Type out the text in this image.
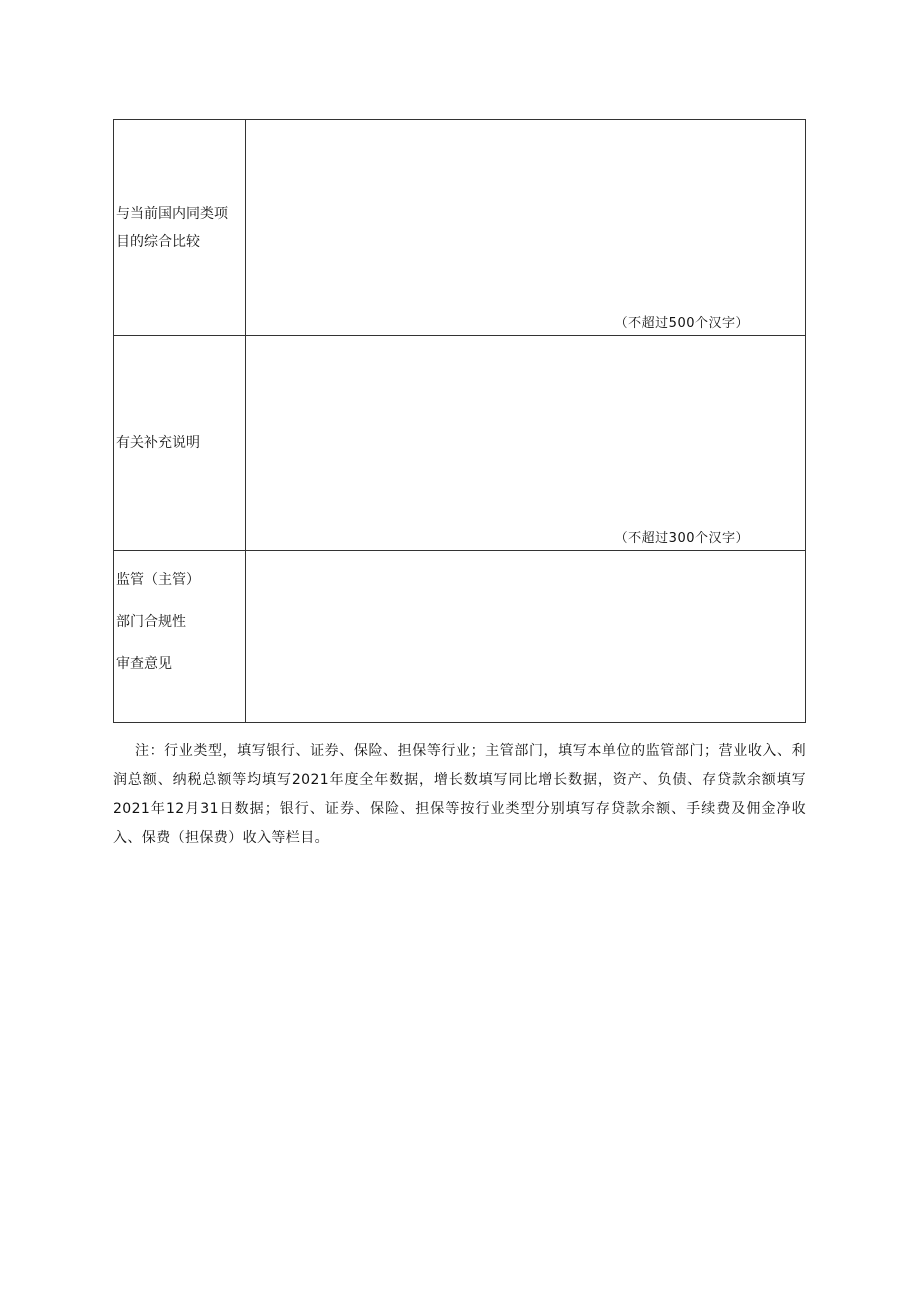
与当前国内同类项
目的综合比较	（不超过500个汉字）

有关补充说明	（不超过300个汉字）

监管（主管）
部门合规性
审查意见	

注：行业类型，填写银行、证券、保险、担保等行业；主管部门，填写本单位的监管部门；营业收入、利润总额、纳税总额等均填写2021年度全年数据，增长数填写同比增长数据，资产、负债、存贷款余额填写2021年12月31日数据；银行、证券、保险、担保等按行业类型分别填写存贷款余额、手续费及佣金净收入、保费（担保费）收入等栏目。
